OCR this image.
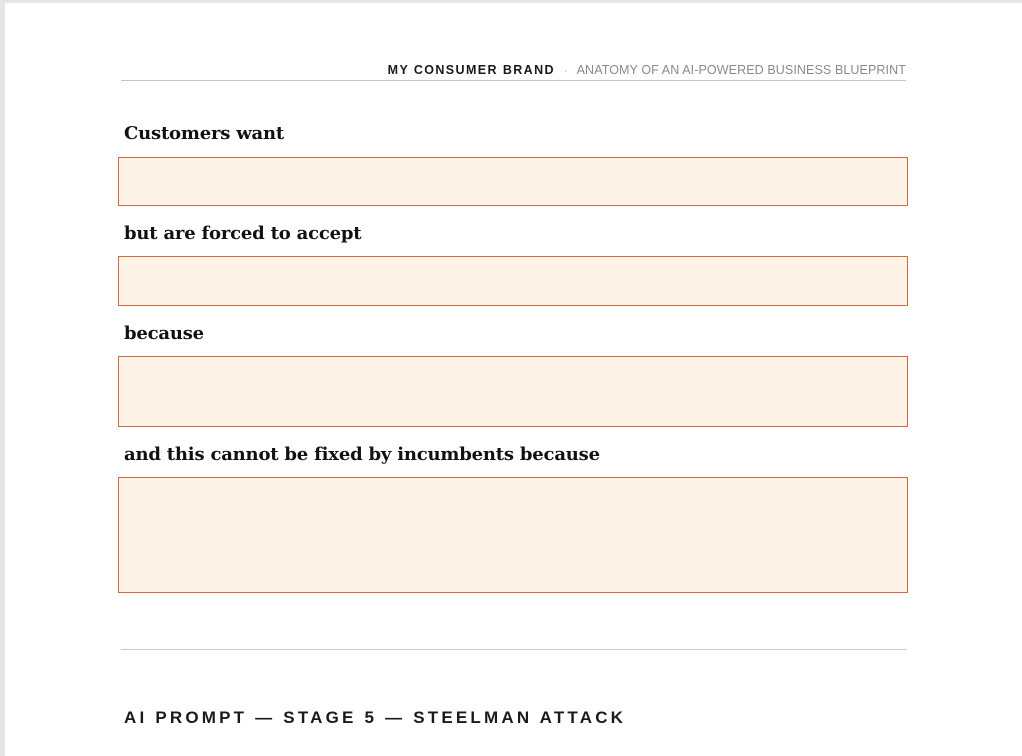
MY CONSUMER BRAND · ANATOMY OF AN AI-POWERED BUSINESS BLUEPRINT
Customers want
but are forced to accept
because
and this cannot be fixed by incumbents because
AI PROMPT — STAGE 5 — STEELMAN ATTACK
